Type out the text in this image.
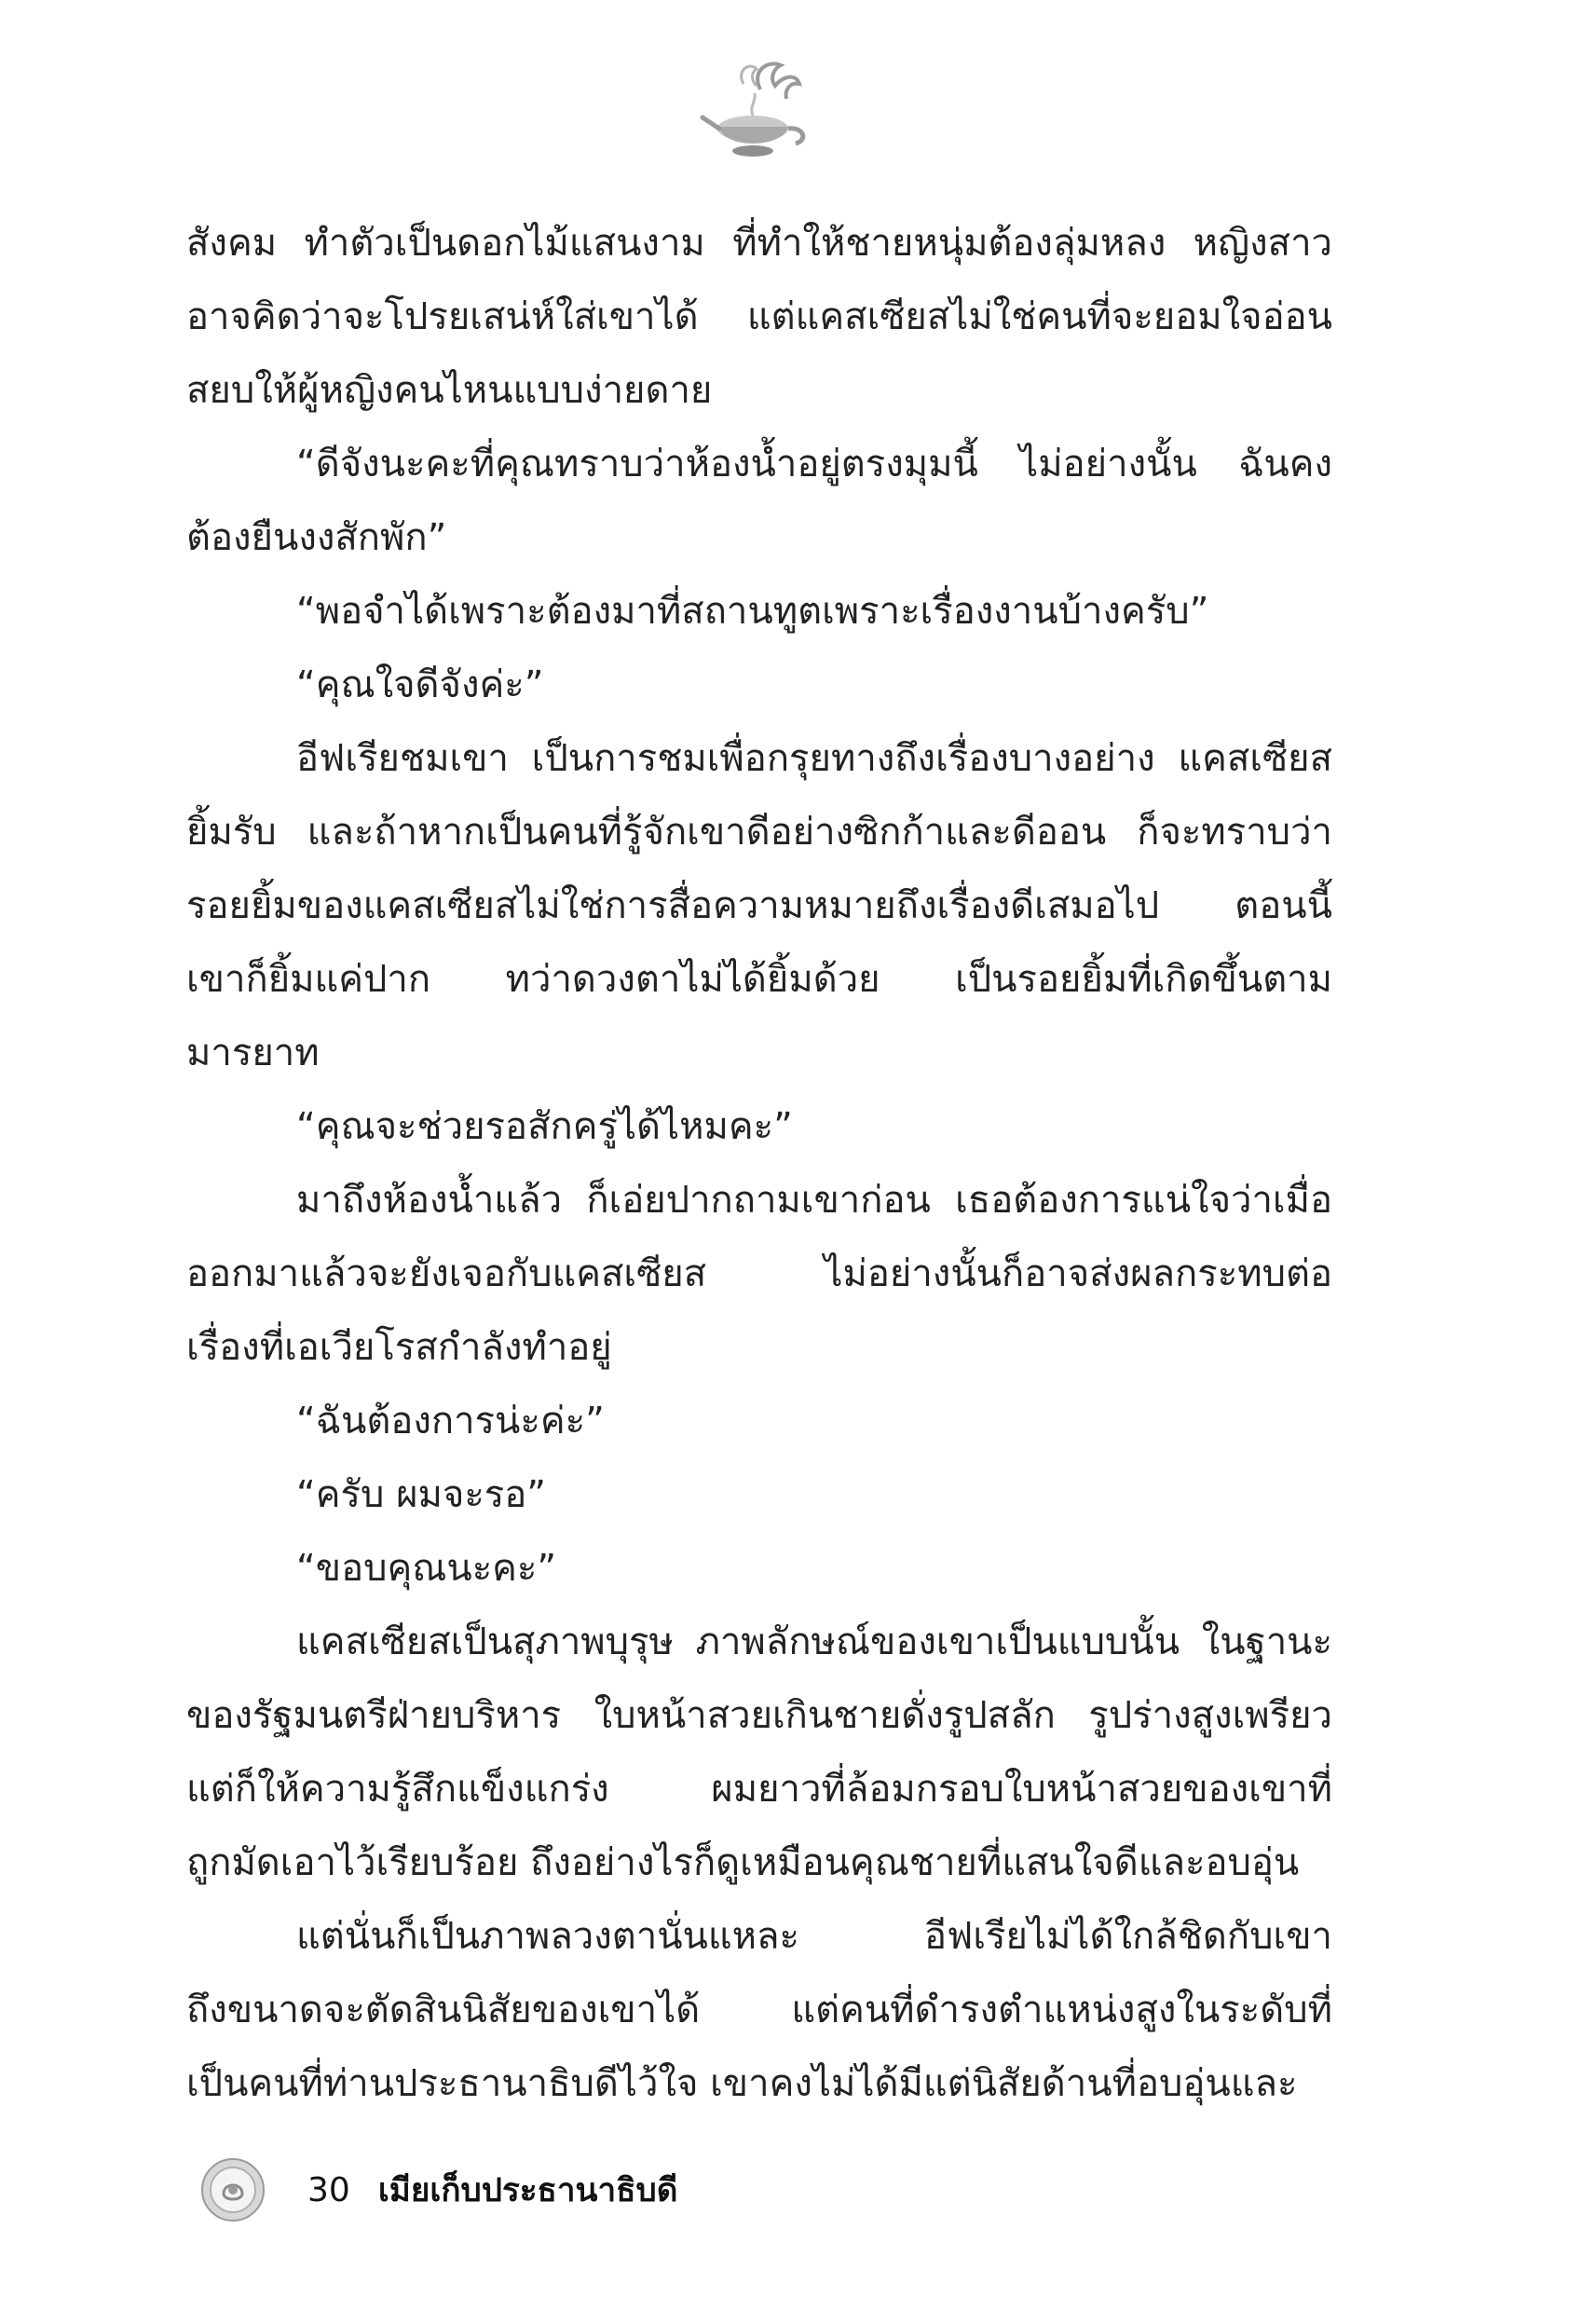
สังคม ทำตัวเป็นดอกไม้แสนงาม ที่ทำให้ชายหนุ่มต้องลุ่มหลง หญิงสาว
อาจคิดว่าจะโปรยเสน่ห์ใส่เขาได้ แต่แคสเซียสไม่ใช่คนที่จะยอมใจอ่อน
สยบให้ผู้หญิงคนไหนแบบง่ายดาย
“ดีจังนะคะที่คุณทราบว่าห้องน้ำอยู่ตรงมุมนี้ ไม่อย่างนั้น ฉันคง
ต้องยืนงงสักพัก”
“พอจำได้เพราะต้องมาที่สถานทูตเพราะเรื่องงานบ้างครับ”
“คุณใจดีจังค่ะ”
อีฟเรียชมเขา เป็นการชมเพื่อกรุยทางถึงเรื่องบางอย่าง แคสเซียส
ยิ้มรับ และถ้าหากเป็นคนที่รู้จักเขาดีอย่างซิกก้าและดีออน ก็จะทราบว่า
รอยยิ้มของแคสเซียสไม่ใช่การสื่อความหมายถึงเรื่องดีเสมอไป ตอนนี้
เขาก็ยิ้มแค่ปาก ทว่าดวงตาไม่ได้ยิ้มด้วย เป็นรอยยิ้มที่เกิดขึ้นตาม
มารยาท
“คุณจะช่วยรอสักครู่ได้ไหมคะ”
มาถึงห้องน้ำแล้ว ก็เอ่ยปากถามเขาก่อน เธอต้องการแน่ใจว่าเมื่อ
ออกมาแล้วจะยังเจอกับแคสเซียส ไม่อย่างนั้นก็อาจส่งผลกระทบต่อ
เรื่องที่เอเวียโรสกำลังทำอยู่
“ฉันต้องการน่ะค่ะ”
“ครับ ผมจะรอ”
“ขอบคุณนะคะ”
แคสเซียสเป็นสุภาพบุรุษ ภาพลักษณ์ของเขาเป็นแบบนั้น ในฐานะ
ของรัฐมนตรีฝ่ายบริหาร ใบหน้าสวยเกินชายดั่งรูปสลัก รูปร่างสูงเพรียว
แต่ก็ให้ความรู้สึกแข็งแกร่ง ผมยาวที่ล้อมกรอบใบหน้าสวยของเขาที่
ถูกมัดเอาไว้เรียบร้อย ถึงอย่างไรก็ดูเหมือนคุณชายที่แสนใจดีและอบอุ่น
แต่นั่นก็เป็นภาพลวงตานั่นแหละ อีฟเรียไม่ได้ใกล้ชิดกับเขา
ถึงขนาดจะตัดสินนิสัยของเขาได้ แต่คนที่ดำรงตำแหน่งสูงในระดับที่
เป็นคนที่ท่านประธานาธิบดีไว้ใจ เขาคงไม่ได้มีแต่นิสัยด้านที่อบอุ่นและ
30 เมียเก็บประธานาธิบดี
